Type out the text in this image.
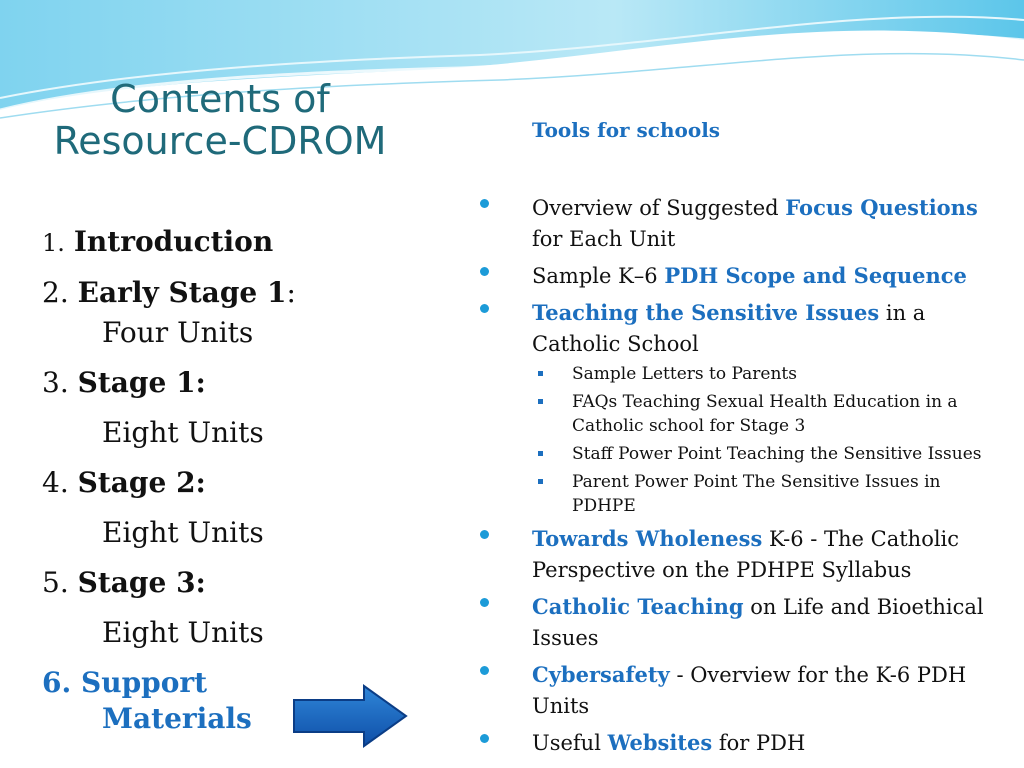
Contents of
Resource-CDROM
1. Introduction
2. Early Stage 1:
Four Units
3. Stage 1:
Eight Units
4. Stage 2:
Eight Units
5. Stage 3:
Eight Units
6. Support
Materials
Tools for schools
Overview of Suggested Focus Questions for Each Unit
Sample K–6 PDH Scope and Sequence
Teaching the Sensitive Issues in a Catholic School
Sample Letters to Parents
FAQs Teaching Sexual Health Education in a Catholic school for Stage 3
Staff Power Point Teaching the Sensitive Issues
Parent Power Point The Sensitive Issues in PDHPE
Towards Wholeness K-6 - The Catholic Perspective on the PDHPE Syllabus
Catholic Teaching on Life and Bioethical Issues
Cybersafety - Overview for the K-6 PDH Units
Useful Websites for PDH
